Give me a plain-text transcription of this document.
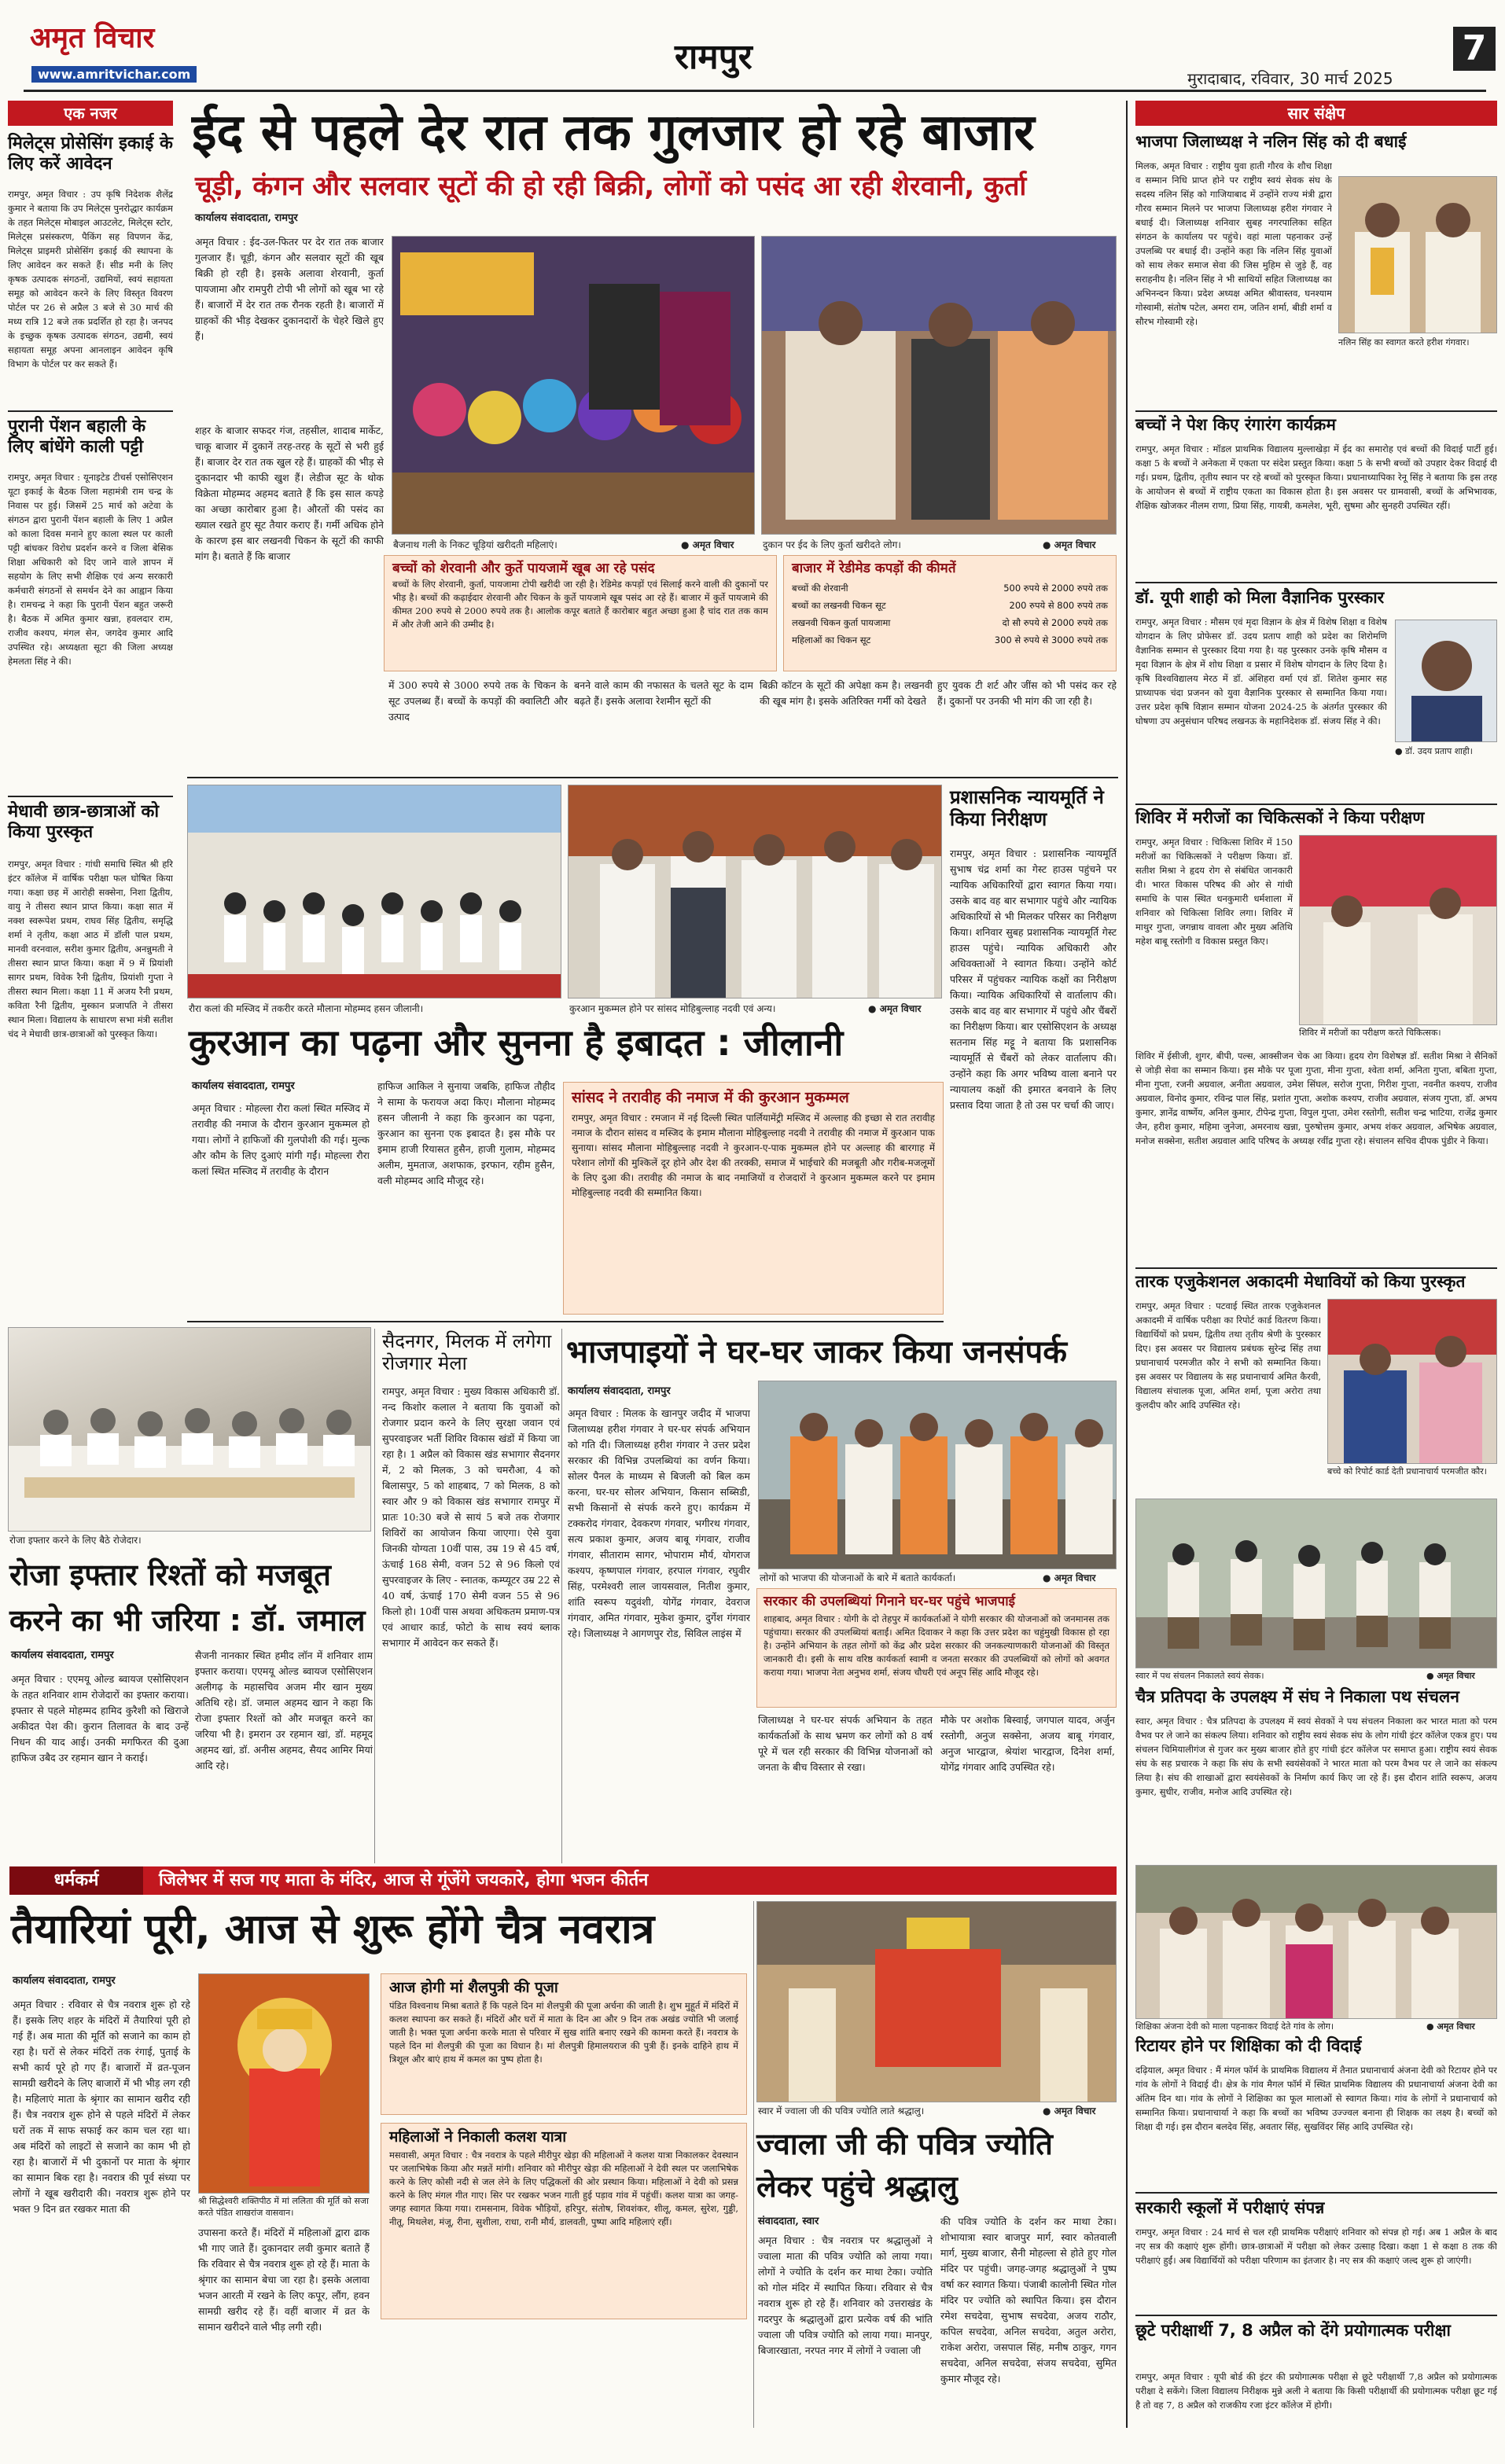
अमृत विचार
www.amritvichar.com	रामपुर
मुरादाबाद, रविवार, 30 मार्च 2025
7
एक नजर
मिलेट्स प्रोसेसिंग इकाई के लिए करें आवेदन
रामपुर, अमृत विचार : उप कृषि निदेशक शैलेंद्र कुमार ने बताया कि उप मिलेट्स पुनरोद्धार कार्यक्रम के तहत मिलेट्स मोबाइल आउटलेट, मिलेट्स स्टोर, मिलेट्स प्रसंस्करण, पैकिंग सह विपणन केंद्र, मिलेट्स प्राइमरी प्रोसेसिंग इकाई की स्थापना के लिए आवेदन कर सकते हैं। सीड मनी के लिए कृषक उत्पादक संगठनों, उद्यमियों, स्वयं सहायता समूह को आवेदन करने के लिए विस्तृत विवरण पोर्टल पर 26 से अप्रैल 3 बजे से 30 मार्च की मध्य रात्रि 12 बजे तक प्रदर्शित हो रहा है। जनपद के इच्छुक कृषक उत्पादक संगठन, उद्यमी, स्वयं सहायता समूह अपना आनलाइन आवेदन कृषि विभाग के पोर्टल पर कर सकते हैं।
पुरानी पेंशन बहाली के लिए बांधेंगे काली पट्टी
रामपुर, अमृत विचार : यूनाइटेड टीचर्स एसोसिएशन यूटा इकाई के बैठक जिला महामंत्री राम चन्द्र के निवास पर हुई। जिसमें 25 मार्च को अटेवा के संगठन द्वारा पुरानी पेंशन बहाली के लिए 1 अप्रैल को काला दिवस मनाने हुए काला स्थल पर काली पट्टी बांधकर विरोध प्रदर्शन करने व जिला बेसिक शिक्षा अधिकारी को दिए जाने वाले ज्ञापन में सहयोग के लिए सभी शैक्षिक एवं अन्य सरकारी कर्मचारी संगठनों से समर्थन देने का आह्वान किया है। रामचन्द्र ने कहा कि पुरानी पेंशन बहुत जरूरी है। बैठक में अमित कुमार खन्ना, हवलदार राम, राजीव कश्यप, मंगल सेन, जगदेव कुमार आदि उपस्थित रहे। अध्यक्षता सूटा की जिला अध्यक्ष हेमलता सिंह ने की।
मेधावी छात्र-छात्राओं को किया पुरस्कृत
रामपुर, अमृत विचार : गांधी समाधि स्थित श्री हरि इंटर कॉलेज में वार्षिक परीक्षा फल घोषित किया गया। कक्षा छह में आरोही सक्सेना, निशा द्वितीय, वायु ने तीसरा स्थान प्राप्त किया। कक्षा सात में नक्श स्वरूपेश प्रथम, राघव सिंह द्वितीय, समृद्धि शर्मा ने तृतीय, कक्षा आठ में डॉली पाल प्रथम, मानवी वरनवाल, सरीश कुमार द्वितीय, अनन्नुमती ने तीसरा स्थान प्राप्त किया। कक्षा में 9 में प्रियांशी सागर प्रथम, विवेक रैनी द्वितीय, प्रियांशी गुप्ता ने तीसरा स्थान मिला। कक्षा 11 में अजय रैनी प्रथम, कविता रैनी द्वितीय, मुस्कान प्रजापति ने तीसरा स्थान मिला। विद्यालय के साधारण सभा मंत्री सतीश चंद ने मेधावी छात्र-छात्राओं को पुरस्कृत किया।
रोजा इफ्तार करने के लिए बैठे रोजेदार।
ईद से पहले देर रात तक गुलजार हो रहे बाजार
चूड़ी, कंगन और सलवार सूटों की हो रही बिक्री, लोगों को पसंद आ रही शेरवानी, कुर्ता
कार्यालय संवाददाता, रामपुर
अमृत विचार : ईद-उल-फितर पर देर रात तक बाजार गुलजार हैं। चूड़ी, कंगन और सलवार सूटों की खूब बिक्री हो रही है। इसके अलावा शेरवानी, कुर्ता पायजामा और रामपुरी टोपी भी लोगों को खूब भा रहे हैं। बाजारों में देर रात तक रौनक रहती है। बाजारों में ग्राहकों की भीड़ देखकर दुकानदारों के चेहरे खिले हुए हैं।
शहर के बाजार सफदर गंज, तहसील, शादाब मार्केट, चाकू बाजार में दुकानें तरह-तरह के सूटों से भरी हुई हैं। बाजार देर रात तक खुल रहे हैं। ग्राहकों की भीड़ से दुकानदार भी काफी खुश हैं। लेडीज सूट के थोक विक्रेता मोहम्मद अहमद बताते हैं कि इस साल कपड़े का अच्छा कारोबार हुआ है। औरतों की पसंद का ख्याल रखते हुए सूट तैयार कराए हैं। गर्मी अधिक होने के कारण इस बार लखनवी चिकन के सूटों की काफी मांग है। बताते हैं कि बाजार
बैजनाथ गली के निकट चूड़ियां खरीदती महिलाएं।	● अमृत विचार	दुकान पर ईद के लिए कुर्ता खरीदते लोग।	● अमृत विचार
बच्चों को शेरवानी और कुर्ते पायजामें खूब आ रहे पसंद
बच्चों के लिए शेरवानी, कुर्ता, पायजामा टोपी खरीदी जा रही है। रेडिमेड कपड़ों एवं सिलाई करने वाली की दुकानों पर भीड़ है। बच्चों की कढ़ाईदार शेरवानी और चिकन के कुर्ते पायजामे खूब पसंद आ रहे हैं। बाजार में कुर्ते पायजामे की कीमत 200 रुपये से 2000 रुपये तक है। आलोक कपूर बताते हैं कारोबार बहुत अच्छा हुआ है चांद रात तक काम में और तेजी आने की उम्मीद है।
बाजार में रेडीमेड कपड़ों की कीमतें
बच्चों की शेरवानी	500 रुपये से 2000 रुपये तक
बच्चों का लखनवी चिकन सूट	200 रुपये से 800 रुपये तक
लखनवी चिकन कुर्ता पायजामा	दो सौ रुपये से 2000 रुपये तक
महिलाओं का चिकन सूट	300 से रुपये से 3000 रुपये तक
में 300 रुपये से 3000 रुपये तक के चिकन के सूट उपलब्ध हैं। बच्चों के कपड़ों की क्वालिटी और उत्पाद
बनने वाले काम की नफासत के चलते सूट के दाम बढ़ते हैं। इसके अलावा रेशमीन सूटों की
बिक्री कॉटन के सूटों की अपेक्षा कम है। लखनवी की खूब मांग है। इसके अतिरिक्त गर्मी को देखते
हुए युवक टी शर्ट और जींस को भी पसंद कर रहे हैं। दुकानों पर उनकी भी मांग की जा रही है।
रौरा कलां की मस्जिद में तकरीर करते मौलाना मोहम्मद हसन जीलानी।	कुरआन मुकम्मल होने पर सांसद मोहिबुल्लाह नदवी एवं अन्य।	● अमृत विचार
कुरआन का पढ़ना और सुनना है इबादत : जीलानी
कार्यालय संवाददाता, रामपुर
अमृत विचार : मोहल्ला रौरा कलां स्थित मस्जिद में तरावीह की नमाज के दौरान कुरआन मुकम्मल हो गया। लोगों ने हाफिजों की गुलपोशी की गई। मुल्क और कौम के लिए दुआएं मांगी गईं। मोहल्ला रौरा कलां स्थित मस्जिद में तरावीह के दौरान
हाफिज आकिल ने सुनाया जबकि, हाफिज तौहीद ने सामा के फरायज अदा किए। मौलाना मोहम्मद हसन जीलानी ने कहा कि कुरआन का पढ़ना, कुरआन का सुनना एक इबादत है। इस मौके पर इमाम हाजी रियासत हुसैन, हाजी गुलाम, मोहम्मद अलीम, मुमताज, अशफाक, इरफान, रहीम हुसैन, वली मोहम्मद आदि मौजूद रहे।
सांसद ने तरावीह की नमाज में की कुरआन मुकम्मल
रामपुर, अमृत विचार : रमजान में नई दिल्ली स्थित पार्लियामेंट्री मस्जिद में अल्लाह की इच्छा से रात तरावीह नमाज के दौरान सांसद व मस्जिद के इमाम मौलाना मोहिबुल्लाह नदवी ने तरावीह की नमाज में कुरआन पाक सुनाया। सांसद मौलाना मोहिबुल्लाह नदवी ने कुरआन-ए-पाक मुकम्मल होने पर अल्लाह की बारगाह में परेशान लोगों की मुश्किलें दूर होने और देश की तरक्की, समाज में भाईचारे की मजबूती और गरीब-मजलूमों के लिए दुआ की। तरावीह की नमाज के बाद नमाजियों व रोजदारों ने कुरआन मुकम्मल करने पर इमाम मोहिबुल्लाह नदवी की सम्मानित किया।
प्रशासनिक न्यायमूर्ति ने किया निरीक्षण
रामपुर, अमृत विचार : प्रशासनिक न्यायमूर्ति सुभाष चंद्र शर्मा का गेस्ट हाउस पहुंचने पर न्यायिक अधिकारियों द्वारा स्वागत किया गया। उसके बाद वह बार सभागार पहुंचे और न्यायिक अधिकारियों से भी मिलकर परिसर का निरीक्षण किया। शनिवार सुबह प्रशासनिक न्यायमूर्ति गेस्ट हाउस पहुंचे। न्यायिक अधिकारी और अधिवक्ताओं ने स्वागत किया। उन्होंने कोर्ट परिसर में पहुंचकर न्यायिक कक्षों का निरीक्षण किया। न्यायिक अधिकारियों से वार्तालाप की। उसके बाद वह बार सभागार में पहुंचे और चैंबरों का निरीक्षण किया। बार एसोसिएशन के अध्यक्ष सतनाम सिंह मट्टू ने बताया कि प्रशासनिक न्यायमूर्ति से चैंबरों को लेकर वार्तालाप की। उन्होंने कहा कि अगर भविष्य वाला बनाने पर न्यायालय कक्षों की इमारत बनवाने के लिए प्रस्ताव दिया जाता है तो उस पर चर्चा की जाए।
सैदनगर, मिलक में लगेगा रोजगार मेला
रामपुर, अमृत विचार : मुख्य विकास अधिकारी डॉ. नन्द किशोर कलाल ने बताया कि युवाओं को रोजगार प्रदान करने के लिए सुरक्षा जवान एवं सुपरवाइजर भर्ती शिविर विकास खंडों में किया जा रहा है। 1 अप्रैल को विकास खंड सभागार सैदनगर में, 2 को मिलक, 3 को चमरौआ, 4 को बिलासपुर, 5 को शाहबाद, 7 को मिलक, 8 को स्वार और 9 को विकास खंड सभागार रामपुर में प्रातः 10:30 बजे से सायं 5 बजे तक रोजगार शिविरों का आयोजन किया जाएगा। ऐसे युवा जिनकी योग्यता 10वीं पास, उम्र 19 से 45 वर्ष, ऊंचाई 168 सेमी, वजन 52 से 96 किलो एवं सुपरवाइजर के लिए - स्नातक, कम्प्यूटर उम्र 22 से 40 वर्ष, ऊंचाई 170 सेमी वजन 55 से 96 किलो हो। 10वीं पास अथवा अधिकतम प्रमाण-पत्र एवं आधार कार्ड, फोटो के साथ स्वयं ब्लाक सभागार में आवेदन कर सकते हैं।
रोजा इफ्तार रिश्तों को मजबूत करने का भी जरिया : डॉ. जमाल
कार्यालय संवाददाता, रामपुर
अमृत विचार : एएमयू ओल्ड ब्वायज एसोसिएशन के तहत शनिवार शाम रोजेदारों का इफ्तार कराया। इफ्तार से पहले मोहम्मद हामिद कुरैशी को खिराजे अकीदत पेश की। कुरान तिलावत के बाद उन्हें निधन की याद आई। उनकी मगफिरत की दुआ हाफिज उबैद उर रहमान खान ने कराई।
सैजनी नानकार स्थित हमीद लॉन में शनिवार शाम इफ्तार कराया। एएमयू ओल्ड ब्वायज एसोसिएशन अलीगढ़ के महासचिव अजम मीर खान मुख्य अतिथि रहे। डॉ. जमाल अहमद खान ने कहा कि रोजा इफ्तार रिश्तों को और मजबूत करने का जरिया भी है। इमरान उर रहमान खां, डॉ. महमूद अहमद खां, डॉ. अनीस अहमद, सैयद आमिर मियां आदि रहे।
भाजपाइयों ने घर-घर जाकर किया जनसंपर्क
कार्यालय संवाददाता, रामपुर
अमृत विचार : मिलक के खानपुर जदीद में भाजपा जिलाध्यक्ष हरीश गंगवार ने घर-घर संपर्क अभियान को गति दी। जिलाध्यक्ष हरीश गंगवार ने उत्तर प्रदेश सरकार की विभिन्न उपलब्धियां का वर्णन किया। सोलर पैनल के माध्यम से बिजली को बिल कम करना, घर-घर सोलर अभियान, किसान सब्सिडी, सभी किसानों से संपर्क करने हुए। कार्यक्रम में टक्करोद गंगवार, देवकरण गंगवार, भगीरथ गंगवार, सत्य प्रकाश कुमार, अजय बाबू गंगवार, राजीव गंगवार, सीताराम सागर, भोपाराम मौर्य, योगराज कश्यप, कृष्णपाल गंगवार, हरपाल गंगवार, रघुवीर सिंह, परमेश्वरी लाल जायसवाल, नितीश कुमार, शांति स्वरूप यदुवंशी, योगेंद्र गंगवार, देवराज गंगवार, अमित गंगवार, मुकेश कुमार, दुर्गेश गंगवार रहे। जिलाध्यक्ष ने आगणपुर रोड, सिविल लाइंस में
लोगों को भाजपा की योजनाओं के बारे में बताते कार्यकर्ता।	● अमृत विचार
सरकार की उपलब्धियां गिनाने घर-घर पहुंचे भाजपाई
शाहबाद, अमृत विचार : योगी के दो तेहपुर में कार्यकर्ताओं ने योगी सरकार की योजनाओं को जनमानस तक पहुंचाया। सरकार की उपलब्धियां बताईं। अमित दिवाकर ने कहा कि उत्तर प्रदेश का चहुंमुखी विकास हो रहा है। उन्होंने अभियान के तहत लोगों को केंद्र और प्रदेश सरकार की जनकल्याणकारी योजनाओं की विस्तृत जानकारी दी। इसी के साथ वरिष्ठ कार्यकर्ता स्वामी व जनता सरकार की उपलब्धियों को लोगों को अवगत कराया गया। भाजपा नेता अनुभव शर्मा, संजय चौधरी एवं अनूप सिंह आदि मौजूद रहे।
जिलाध्यक्ष ने घर-घर संपर्क अभियान के तहत कार्यकर्ताओं के साथ भ्रमण कर लोगों को 8 वर्ष पूरे में चल रही सरकार की विभिन्न योजनाओं को जनता के बीच विस्तार से रखा।
मौके पर अशोक बिस्वाई, जगपाल यादव, अर्जुन रस्तोगी, अनुज सक्सेना, अजय बाबू गंगवार, अनुज भारद्वाज, श्रेयांश भारद्वाज, दिनेश शर्मा, योगेंद्र गंगवार आदि उपस्थित रहे।
धर्मकर्म	जिलेभर में सज गए माता के मंदिर, आज से गूंजेंगे जयकारे, होगा भजन कीर्तन
तैयारियां पूरी, आज से शुरू होंगे चैत्र नवरात्र
कार्यालय संवाददाता, रामपुर
अमृत विचार : रविवार से चैत्र नवरात्र शुरू हो रहे हैं। इसके लिए शहर के मंदिरों में तैयारियां पूरी हो गई हैं। अब माता की मूर्ति को सजाने का काम हो रहा है। घरों से लेकर मंदिरों तक रंगाई, पुताई के सभी कार्य पूरे हो गए हैं। बाजारों में व्रत-पूजन सामग्री खरीदने के लिए बाजारों में भी भीड़ लग रही है। महिलाएं माता के श्रृंगार का सामान खरीद रही हैं। चैत्र नवरात्र शुरू होने से पहले मंदिरों में लेकर घरों तक में साफ सफाई कर काम चल रहा था। अब मंदिरों को लाइटों से सजाने का काम भी हो रहा है। बाजारों में भी दुकानों पर माता के श्रृंगार का सामान बिक रहा है। नवरात्र की पूर्व संध्या पर लोगों ने खूब खरीदारी की। नवरात्र शुरू होने पर भक्त 9 दिन व्रत रखकर माता की
श्री सिद्धेश्वरी शक्तिपीठ में मां ललिता की मूर्ति को सजा करते पंडित शाखरांज वासवान।
उपासना करते हैं। मंदिरों में महिलाओं द्वारा ढाक भी गाए जाते हैं। दुकानदार लवी कुमार बताते हैं कि रविवार से चैत्र नवरात्र शुरू हो रहे हैं। माता के श्रृंगार का सामान बेचा जा रहा है। इसके अलावा भजन आरती में रखने के लिए कपूर, लौंग, हवन सामग्री खरीद रहे हैं। वहीं बाजार में व्रत के सामान खरीदने वाले भीड़ लगी रही।
आज होगी मां शैलपुत्री की पूजा
पंडित विश्वनाथ मिश्रा बताते हैं कि पहले दिन मां शैलपुत्री की पूजा अर्चना की जाती है। शुभ मुहूर्त में मंदिरों में कलश स्थापना कर सकते हैं। मंदिरों और घरों में माता के दिन आ और 9 दिन तक अखंड ज्योति भी जलाई जाती है। भक्त पूजा अर्चना करके माता से परिवार में सुख शांति बनाए रखने की कामना करते हैं। नवरात्र के पहले दिन मां शैलपुत्री की पूजा का विधान है। मां शैलपुत्री हिमालयराज की पुत्री हैं। इनके दाहिने हाथ में त्रिशूल और बाएं हाथ में कमल का पुष्प होता है।
महिलाओं ने निकाली कलश यात्रा
मसवासी, अमृत विचार : चैत्र नवरात्र के पहले मीरीपुर खेड़ा की महिलाओं ने कलश यात्रा निकालकर देवस्थान पर जलाभिषेक किया और मन्नतें मांगी। शनिवार को मीरीपुर खेड़ा की महिलाओं ने देवी स्थल पर जलाभिषेक करने के लिए कोसी नदी से जल लेने के लिए पद्धिकलों की ओर प्रस्थान किया। महिलाओं ने देवी को प्रसन्न करने के लिए मंगल गीत गाए। सिर पर रखकर भजन गाती हुई पड़ाव गांव में पहुंचीं। कलश यात्रा का जगह-जगह स्वागत किया गया। रामसनाम, विवेक भौड़ियों, हरिपुर, संतोष, शिवशंकर, शीलू, कमल, सुरेश, गुड्डी, नीतू, मिथलेश, मंजू, रीना, सुशीला, राधा, रानी मौर्य, डालवती, पुष्पा आदि महिलाएं रहीं।
स्वार में ज्वाला जी की पवित्र ज्योति लाते श्रद्धालु।	● अमृत विचार
ज्वाला जी की पवित्र ज्योति लेकर पहुंचे श्रद्धालु
संवाददाता, स्वार
अमृत विचार : चैत्र नवरात्र पर श्रद्धालुओं ने ज्वाला माता की पवित्र ज्योति को लाया गया। लोगों ने ज्योति के दर्शन कर माथा टेका। ज्योति को गोल मंदिर में स्थापित किया। रविवार से चैत्र नवरात्र शुरू हो रहे हैं। शनिवार को उत्तराखंड के गदरपुर के श्रद्धालुओं द्वारा प्रत्येक वर्ष की भांति ज्वाला जी पवित्र ज्योति को लाया गया। मानपुर, बिजारखाता, नरपत नगर में लोगों ने ज्वाला जी
की पवित्र ज्योति के दर्शन कर माथा टेका। शोभायात्रा स्वार बाजपुर मार्ग, स्वार कोतवाली मार्ग, मुख्य बाजार, सैनी मोहल्ला से होते हुए गोल मंदिर पर पहुंची। जगह-जगह श्रद्धालुओं ने पुष्प वर्षा कर स्वागत किया। पंजाबी कालोनी स्थित गोल मंदिर पर ज्योति को स्थापित किया। इस दौरान रमेश सचदेवा, सुभाष सचदेवा, अजय राठौर, कपिल सचदेवा, अनिल सचदेवा, अतुल अरोरा, राकेश अरोरा, जसपाल सिंह, मनीष ठाकुर, गगन सचदेवा, अनिल सचदेवा, संजय सचदेवा, सुमित कुमार मौजूद रहे।
सार संक्षेप
भाजपा जिलाध्यक्ष ने नलिन सिंह को दी बधाई
मिलक, अमृत विचार : राष्ट्रीय युवा हाती गौरव के शौच शिक्षा व सम्मान निधि प्राप्त होने पर राष्ट्रीय स्वयं सेवक संघ के सदस्य नलिन सिंह को गाजियाबाद में उन्होंने राज्य मंत्री द्वारा गौरव सम्मान मिलने पर भाजपा जिलाध्यक्ष हरीश गंगवार ने बधाई दी। जिलाध्यक्ष शनिवार सुबह नगरपालिका सहित संगठन के कार्यालय पर पहुंचे। वहां माला पहनाकर उन्हें उपलब्धि पर बधाई दी। उन्होंने कहा कि नलिन सिंह युवाओं को साथ लेकर समाज सेवा की जिस मुहिम से जुड़े हैं, वह सराहनीय है। नलिन सिंह ने भी साथियों सहित जिलाध्यक्ष का अभिनन्दन किया। प्रदेश अध्यक्ष अमित श्रीवास्तव, घनश्याम गोस्वामी, संतोष पटेल, अमरा राम, जतिन शर्मा, बीडी शर्मा व सौरभ गोस्वामी रहे।
नलिन सिंह का स्वागत करते हरीश गंगवार।
बच्चों ने पेश किए रंगारंग कार्यक्रम
रामपुर, अमृत विचार : मॉडल प्राथमिक विद्यालय मुल्लाखेड़ा में ईद का समारोह एवं बच्चों की विदाई पार्टी हुई। कक्षा 5 के बच्चों ने अनेकता में एकता पर संदेश प्रस्तुत किया। कक्षा 5 के सभी बच्चों को उपहार देकर विदाई दी गई। प्रथम, द्वितीय, तृतीय स्थान पर रहे बच्चों को पुरस्कृत किया। प्रधानाध्यापिका रेनू सिंह ने बताया कि इस तरह के आयोजन से बच्चों में राष्ट्रीय एकता का विकास होता है। इस अवसर पर ग्रामवासी, बच्चों के अभिभावक, शैक्षिक खोजकर नीलम राणा, प्रिया सिंह, गायत्री, कमलेश, भूरी, सुषमा और सुनहरी उपस्थित रहीं।
डॉ. यूपी शाही को मिला वैज्ञानिक पुरस्कार
रामपुर, अमृत विचार : मौसम एवं मृदा विज्ञान के क्षेत्र में विशेष शिक्षा व विशेष योगदान के लिए प्रोफेसर डॉ. उदय प्रताप शाही को प्रदेश का शिरोमणि वैज्ञानिक सम्मान से पुरस्कार दिया गया है। यह पुरस्कार उनके कृषि मौसम व मृदा विज्ञान के क्षेत्र में शोध शिक्षा व प्रसार में विशेष योगदान के लिए दिया है। कृषि विश्वविद्यालय मेरठ में डॉ. अंशिहरा वर्मा एवं डॉ. शितेश कुमार सह प्राध्यापक चंदा प्रजनन को युवा वैज्ञानिक पुरस्कार से सम्मानित किया गया। उत्तर प्रदेश कृषि विज्ञान सम्मान योजना 2024-25 के अंतर्गत पुरस्कार की घोषणा उप अनुसंधान परिषद लखनऊ के महानिदेशक डॉ. संजय सिंह ने की।
● डॉ. उदय प्रताप शाही।
शिविर में मरीजों का चिकित्सकों ने किया परीक्षण
रामपुर, अमृत विचार : चिकित्सा शिविर में 150 मरीजों का चिकित्सकों ने परीक्षण किया। डॉ. सतीश मिश्रा ने हृदय रोग से संबंधित जानकारी दी। भारत विकास परिषद की ओर से गांधी समाधि के पास स्थित धनकुमारी धर्मशाला में शनिवार को चिकित्सा शिविर लगा। शिविर में माथुर गुप्ता, जगन्नाथ वावला और मुख्य अतिथि महेश बाबू रस्तोगी व विकास प्रस्तुत किए।
शिविर में मरीजों का परीक्षण करते चिकित्सक।
शिविर में ईसीजी, शुगर, बीपी, पल्स, आक्सीजन चेक आ किया। हृदय रोग विशेषज्ञ डॉ. सतीश मिश्रा ने सैनिकों से जोड़ी सेवा का सम्मान किया। इस मौके पर पूजा गुप्ता, मीना गुप्ता, श्वेता शर्मा, अनिता गुप्ता, बबिता गुप्ता, मीना गुप्ता, रजनी अग्रवाल, अनीता अग्रवाल, उमेश सिंघल, सरोज गुप्ता, गिरीश गुप्ता, नवनीत कश्यप, राजीव अग्रवाल, विनोद कुमार, रविन्द्र पाल सिंह, प्रशांत गुप्ता, अशोक कश्यप, राजीव अग्रवाल, संजय गुप्ता, डॉ. अभय कुमार, ज्ञानेंद्र वार्ष्णेय, अनिल कुमार, टीपेन्द्र गुप्ता, विपुल गुप्ता, उमेश रस्तोगी, सतीश चन्द्र भाटिया, राजेंद्र कुमार जैन, हरीश कुमार, महिमा जुनेजा, अमरनाथ खन्ना, पुरुषोत्तम कुमार, अभय शंकर अग्रवाल, अभिषेक अग्रवाल, मनोज सक्सेना, सतीश अग्रवाल आदि परिषद के अध्यक्ष रवींद्र गुप्ता रहे। संचालन सचिव दीपक पुंडीर ने किया।
तारक एजुकेशनल अकादमी मेधावियों को किया पुरस्कृत
रामपुर, अमृत विचार : पटवाई स्थित तारक एजुकेशनल अकादमी में वार्षिक परीक्षा का रिपोर्ट कार्ड वितरण किया। विद्यार्थियों को प्रथम, द्वितीय तथा तृतीय श्रेणी के पुरस्कार दिए। इस अवसर पर विद्यालय प्रबंधक सुरेन्द्र सिंह तथा प्रधानाचार्य परमजीत कौर ने सभी को सम्मानित किया। इस अवसर पर विद्यालय के सह प्रधानाचार्य अमित कैरवी, विद्यालय संचालक पूजा, अमित शर्मा, पूजा अरोरा तथा कुलदीप कौर आदि उपस्थित रहे।
बच्चे को रिपोर्ट कार्ड देती प्रधानाचार्य परमजीत कौर।
स्वार में पथ संचलन निकालते स्वयं सेवक।	● अमृत विचार
चैत्र प्रतिपदा के उपलक्ष्य में संघ ने निकाला पथ संचलन
स्वार, अमृत विचार : चैत्र प्रतिपदा के उपलक्ष्य में स्वयं सेवकों ने पथ संचलन निकाला कर भारत माता को परम वैभव पर ले जाने का संकल्प लिया। शनिवार को राष्ट्रीय स्वयं सेवक संघ के लोग गांधी इंटर कॉलेज एकत्र हुए। पथ संचलन चिमियालीगंज से गुजर कर मुख्य बाजार होते हुए गांधी इंटर कॉलेज पर समाप्त हुआ। राष्ट्रीय स्वयं सेवक संघ के सह प्रचारक ने कहा कि संघ के सभी स्वयंसेवकों ने भारत माता को परम वैभव पर ले जाने का संकल्प लिया है। संघ की शाखाओं द्वारा स्वयंसेवकों के निर्माण कार्य किए जा रहे हैं। इस दौरान शांति स्वरूप, अजय कुमार, सुधीर, राजीव, मनोज आदि उपस्थित रहे।
शिक्षिका अंजना देवी को माला पहनाकर विदाई देते गांव के लोग।	● अमृत विचार
रिटायर होने पर शिक्षिका को दी विदाई
दढ़ियाल, अमृत विचार : मैं मंगल फॉर्म के प्राथमिक विद्यालय में तैनात प्रधानाचार्य अंजना देवी को रिटायर होने पर गांव के लोगों ने विदाई दी। क्षेत्र के गांव मैगल फॉर्म में स्थित प्राथमिक विद्यालय की प्रधानाचार्या अंजना देवी का अंतिम दिन था। गांव के लोगों ने शिक्षिका का फूल मालाओं से स्वागत किया। गांव के लोगों ने प्रधानाचार्य को सम्मानित किया। प्रधानाचार्या ने कहा कि बच्चों का भविष्य उज्ज्वल बनाना ही शिक्षक का लक्ष्य है। बच्चों को शिक्षा दी गई। इस दौरान बलदेव सिंह, अवतार सिंह, सुखविंदर सिंह आदि उपस्थित रहे।
सरकारी स्कूलों में परीक्षाएं संपन्न
रामपुर, अमृत विचार : 24 मार्च से चल रही प्राथमिक परीक्षाएं शनिवार को संपन्न हो गई। अब 1 अप्रैल के बाद नए सत्र की कक्षाएं शुरू होंगी। छात्र-छात्राओं में परीक्षा को लेकर उत्साह दिखा। कक्षा 1 से कक्षा 8 तक की परीक्षाएं हुईं। अब विद्यार्थियों को परीक्षा परिणाम का इंतजार है। नए सत्र की कक्षाएं जल्द शुरू हो जाएंगी।
छूटे परीक्षार्थी 7, 8 अप्रैल को देंगे प्रयोगात्मक परीक्षा
रामपुर, अमृत विचार : यूपी बोर्ड की इंटर की प्रयोगात्मक परीक्षा से छूटे परीक्षार्थी 7,8 अप्रैल को प्रयोगात्मक परीक्षा दे सकेंगे। जिला विद्यालय निरीक्षक मुन्ने अली ने बताया कि किसी परीक्षार्थी की प्रयोगात्मक परीक्षा छूट गई है तो वह 7, 8 अप्रैल को राजकीय रजा इंटर कॉलेज में होगी।
